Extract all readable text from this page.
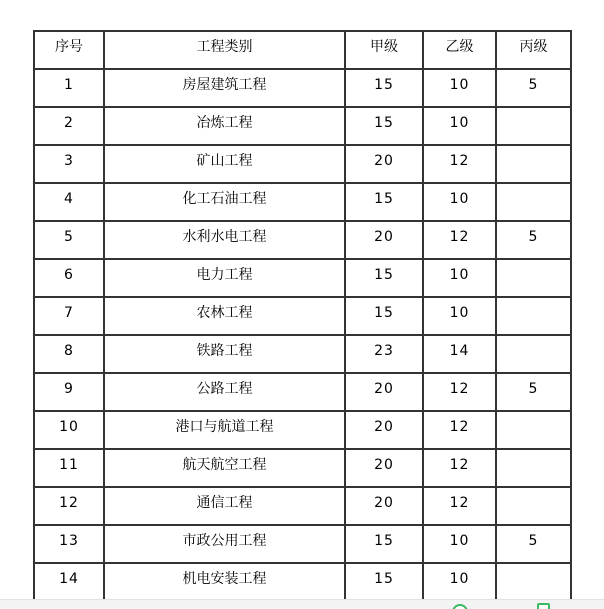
序号	工程类别	甲级	乙级	丙级
1	房屋建筑工程	15	10	5
2	冶炼工程	15	10	
3	矿山工程	20	12	
4	化工石油工程	15	10	
5	水利水电工程	20	12	5
6	电力工程	15	10	
7	农林工程	15	10	
8	铁路工程	23	14	
9	公路工程	20	12	5
10	港口与航道工程	20	12	
11	航天航空工程	20	12	
12	通信工程	20	12	
13	市政公用工程	15	10	5
14	机电安装工程	15	10	
